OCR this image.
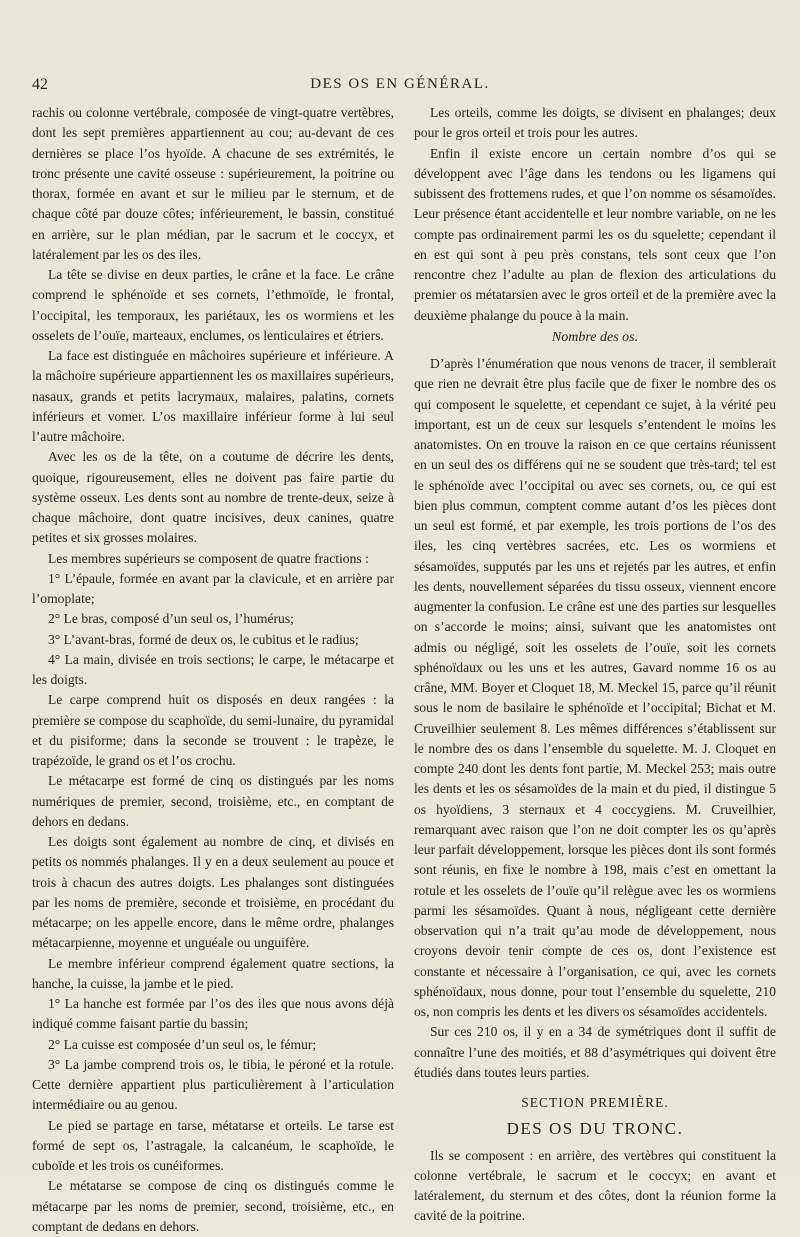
42	DES OS EN GÉNÉRAL.

rachis ou colonne vertébrale, composée de vingt-quatre vertèbres, dont les sept premières appartiennent au cou; au-devant de ces dernières se place l’os hyoïde. A chacune de ses extrémités, le tronc présente une cavité osseuse : supérieurement, la poitrine ou thorax, formée en avant et sur le milieu par le sternum, et de chaque côté par douze côtes; inférieurement, le bassin, constitué en arrière, sur le plan médian, par le sacrum et le coccyx, et latéralement par les os des iles.

La tête se divise en deux parties, le crâne et la face. Le crâne comprend le sphénoïde et ses cornets, l’ethmoïde, le frontal, l’occipital, les temporaux, les pariétaux, les os wormiens et les osselets de l’ouïe, marteaux, enclumes, os lenticulaires et étriers.

La face est distinguée en mâchoires supérieure et inférieure. A la mâchoire supérieure appartiennent les os maxillaires supérieurs, nasaux, grands et petits lacrymaux, malaires, palatins, cornets inférieurs et vomer. L’os maxillaire inférieur forme à lui seul l’autre mâchoire.

Avec les os de la tête, on a coutume de décrire les dents, quoique, rigoureusement, elles ne doivent pas faire partie du système osseux. Les dents sont au nombre de trente-deux, seize à chaque mâchoire, dont quatre incisives, deux canines, quatre petites et six grosses molaires.

Les membres supérieurs se composent de quatre fractions :

1° L’épaule, formée en avant par la clavicule, et en arrière par l’omoplate;

2° Le bras, composé d’un seul os, l’humérus;

3° L’avant-bras, formé de deux os, le cubitus et le radius;

4° La main, divisée en trois sections; le carpe, le métacarpe et les doigts.

Le carpe comprend huit os disposés en deux rangées : la première se compose du scaphoïde, du semi-lunaire, du pyramidal et du pisiforme; dans la seconde se trouvent : le trapèze, le trapézoïde, le grand os et l’os crochu.

Le métacarpe est formé de cinq os distingués par les noms numériques de premier, second, troisième, etc., en comptant de dehors en dedans.

Les doigts sont également au nombre de cinq, et divisés en petits os nommés phalanges. Il y en a deux seulement au pouce et trois à chacun des autres doigts. Les phalanges sont distinguées par les noms de première, seconde et troisième, en procédant du métacarpe; on les appelle encore, dans le même ordre, phalanges métacarpienne, moyenne et unguéale ou unguifère.

Le membre inférieur comprend également quatre sections, la hanche, la cuisse, la jambe et le pied.

1° La hanche est formée par l’os des iles que nous avons déjà indiqué comme faisant partie du bassin;

2° La cuisse est composée d’un seul os, le fémur;

3° La jambe comprend trois os, le tibia, le péroné et la rotule. Cette dernière appartient plus particulièrement à l’articulation intermédiaire ou au genou.

Le pied se partage en tarse, métatarse et orteils. Le tarse est formé de sept os, l’astragale, la calcanéum, le scaphoïde, le cuboïde et les trois os cunéiformes.

Le métatarse se compose de cinq os distingués comme le métacarpe par les noms de premier, second, troisième, etc., en comptant de dedans en dehors.

Les orteils, comme les doigts, se divisent en phalanges; deux pour le gros orteil et trois pour les autres.

Enfin il existe encore un certain nombre d’os qui se développent avec l’âge dans les tendons ou les ligamens qui subissent des frottemens rudes, et que l’on nomme os sésamoïdes. Leur présence étant accidentelle et leur nombre variable, on ne les compte pas ordinairement parmi les os du squelette; cependant il en est qui sont à peu près constans, tels sont ceux que l’on rencontre chez l’adulte au plan de flexion des articulations du premier os métatarsien avec le gros orteil et de la première avec la deuxième phalange du pouce à la main.

Nombre des os.

D’après l’énumération que nous venons de tracer, il semblerait que rien ne devrait être plus facile que de fixer le nombre des os qui composent le squelette, et cependant ce sujet, à la vérité peu important, est un de ceux sur lesquels s’entendent le moins les anatomistes. On en trouve la raison en ce que certains réunissent en un seul des os différens qui ne se soudent que très-tard; tel est le sphénoïde avec l’occipital ou avec ses cornets, ou, ce qui est bien plus commun, comptent comme autant d’os les pièces dont un seul est formé, et par exemple, les trois portions de l’os des iles, les cinq vertèbres sacrées, etc. Les os wormiens et sésamoïdes, supputés par les uns et rejetés par les autres, et enfin les dents, nouvellement séparées du tissu osseux, viennent encore augmenter la confusion. Le crâne est une des parties sur lesquelles on s’accorde le moins; ainsi, suivant que les anatomistes ont admis ou négligé, soit les osselets de l’ouïe, soit les cornets sphénoïdaux ou les uns et les autres, Gavard nomme 16 os au crâne, MM. Boyer et Cloquet 18, M. Meckel 15, parce qu’il réunit sous le nom de basilaire le sphénoïde et l’occipital; Bichat et M. Cruveilhier seulement 8. Les mêmes différences s’établissent sur le nombre des os dans l’ensemble du squelette. M. J. Cloquet en compte 240 dont les dents font partie, M. Meckel 253; mais outre les dents et les os sésamoïdes de la main et du pied, il distingue 5 os hyoïdiens, 3 sternaux et 4 coccygiens. M. Cruveilhier, remarquant avec raison que l’on ne doit compter les os qu’après leur parfait développement, lorsque les pièces dont ils sont formés sont réunis, en fixe le nombre à 198, mais c’est en omettant la rotule et les osselets de l’ouïe qu’il relègue avec les os wormiens parmi les sésamoïdes. Quant à nous, négligeant cette dernière observation qui n’a trait qu’au mode de développement, nous croyons devoir tenir compte de ces os, dont l’existence est constante et nécessaire à l’organisation, ce qui, avec les cornets sphénoïdaux, nous donne, pour tout l’ensemble du squelette, 210 os, non compris les dents et les divers os sésamoïdes accidentels.

Sur ces 210 os, il y en a 34 de symétriques dont il suffit de connaître l’une des moitiés, et 88 d’asymétriques qui doivent être étudiés dans toutes leurs parties.

SECTION PREMIÈRE.
DES OS DU TRONC.

Ils se composent : en arrière, des vertèbres qui constituent la colonne vertébrale, le sacrum et le coccyx; en avant et latéralement, du sternum et des côtes, dont la réunion forme la cavité de la poitrine.
